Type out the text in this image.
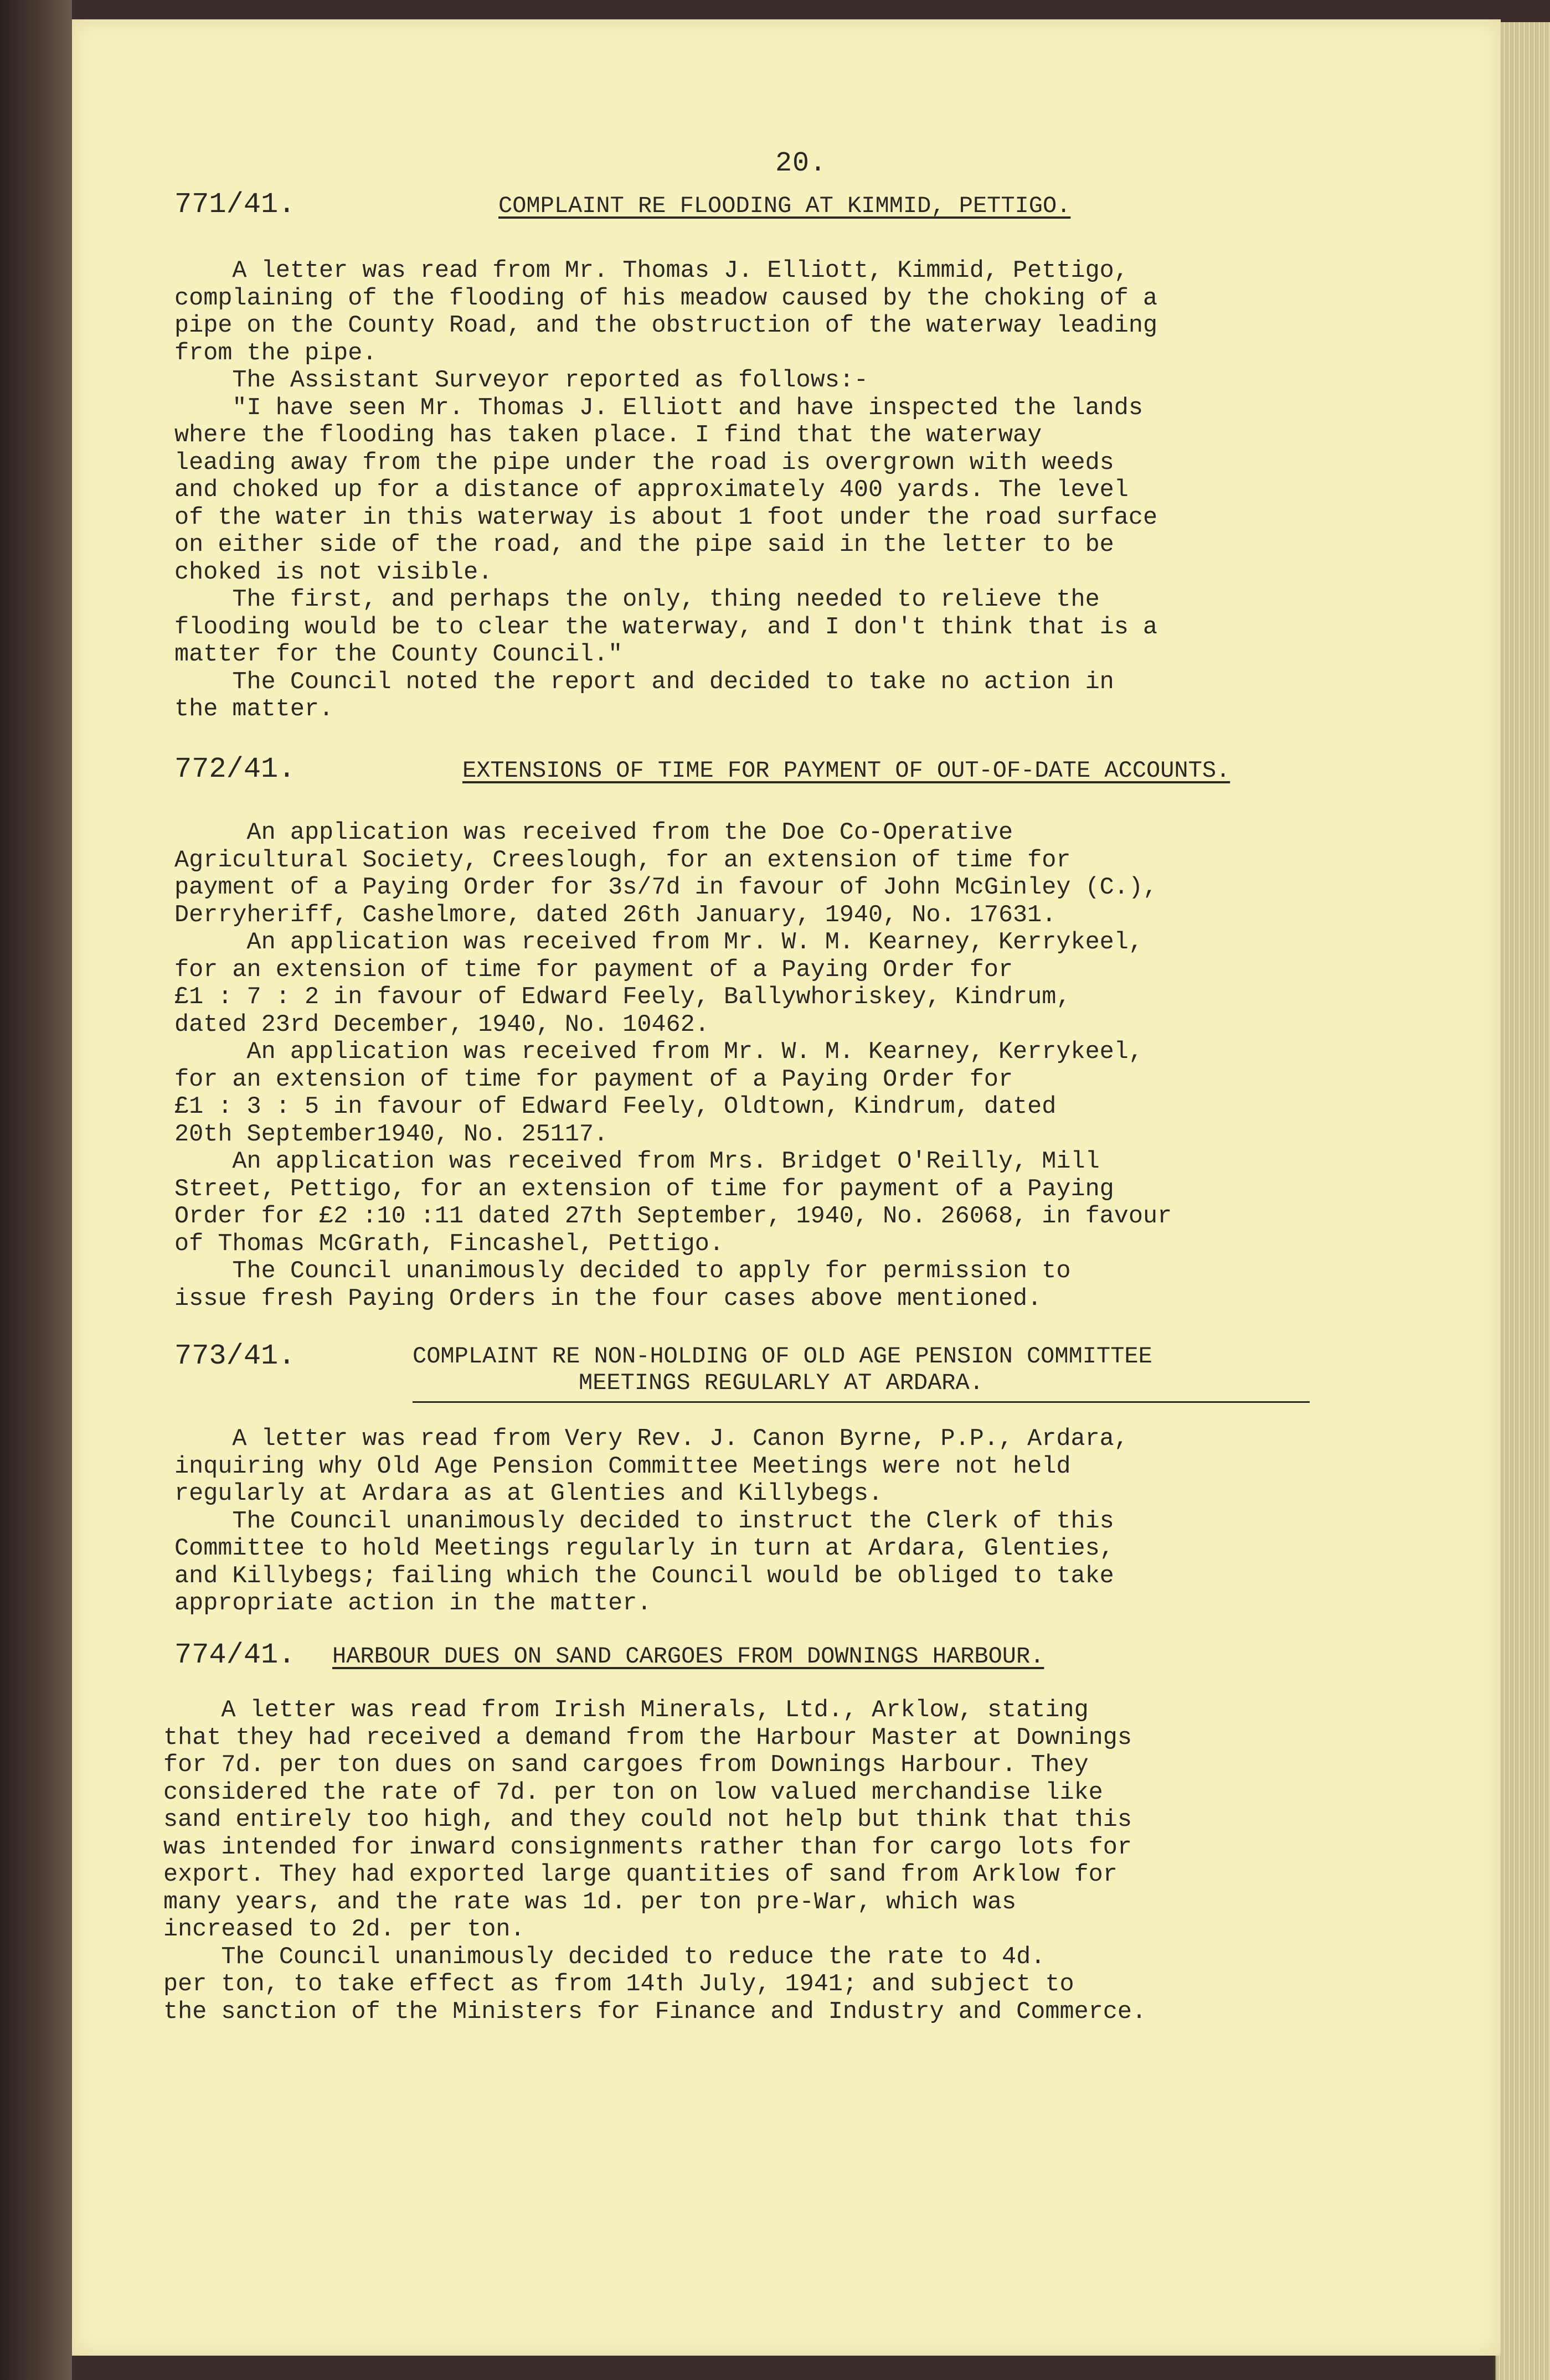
20.
771/41.	COMPLAINT RE FLOODING AT KIMMID, PETTIGO.

A letter was read from Mr. Thomas J. Elliott, Kimmid, Pettigo,

complaining of the flooding of his meadow caused by the choking of a

pipe on the County Road, and the obstruction of the waterway leading

from the pipe.

The Assistant Surveyor reported as follows:-

"I have seen Mr. Thomas J. Elliott and have inspected the lands

where the flooding has taken place. I find that the waterway

leading away from the pipe under the road is overgrown with weeds

and choked up for a distance of approximately 400 yards. The level

of the water in this waterway is about 1 foot under the road surface

on either side of the road, and the pipe said in the letter to be

choked is not visible.

The first, and perhaps the only, thing needed to relieve the

flooding would be to clear the waterway, and I don't think that is a

matter for the County Council."

The Council noted the report and decided to take no action in

the matter.

772/41.	EXTENSIONS OF TIME FOR PAYMENT OF OUT-OF-DATE ACCOUNTS.

An application was received from the Doe Co-Operative

Agricultural Society, Creeslough, for an extension of time for

payment of a Paying Order for 3s/7d in favour of John McGinley (C.),

Derryheriff, Cashelmore, dated 26th January, 1940, No. 17631.

An application was received from Mr. W. M. Kearney, Kerrykeel,

for an extension of time for payment of a Paying Order for

£1 : 7 : 2 in favour of Edward Feely, Ballywhoriskey, Kindrum,

dated 23rd December, 1940, No. 10462.

An application was received from Mr. W. M. Kearney, Kerrykeel,

for an extension of time for payment of a Paying Order for

£1 : 3 : 5 in favour of Edward Feely, Oldtown, Kindrum, dated

20th September1940, No. 25117.

An application was received from Mrs. Bridget O'Reilly, Mill

Street, Pettigo, for an extension of time for payment of a Paying

Order for £2 :10 :11 dated 27th September, 1940, No. 26068, in favour

of Thomas McGrath, Fincashel, Pettigo.

The Council unanimously decided to apply for permission to

issue fresh Paying Orders in the four cases above mentioned.

773/41.	COMPLAINT RE NON-HOLDING OF OLD AGE PENSION COMMITTEE
MEETINGS REGULARLY AT ARDARA.

A letter was read from Very Rev. J. Canon Byrne, P.P., Ardara,

inquiring why Old Age Pension Committee Meetings were not held

regularly at Ardara as at Glenties and Killybegs.

The Council unanimously decided to instruct the Clerk of this

Committee to hold Meetings regularly in turn at Ardara, Glenties,

and Killybegs; failing which the Council would be obliged to take

appropriate action in the matter.

774/41. HARBOUR DUES ON SAND CARGOES FROM DOWNINGS HARBOUR.

A letter was read from Irish Minerals, Ltd., Arklow, stating

that they had received a demand from the Harbour Master at Downings

for 7d. per ton dues on sand cargoes from Downings Harbour. They

considered the rate of 7d. per ton on low valued merchandise like

sand entirely too high, and they could not help but think that this

was intended for inward consignments rather than for cargo lots for

export. They had exported large quantities of sand from Arklow for

many years, and the rate was 1d. per ton pre-War, which was

increased to 2d. per ton.

The Council unanimously decided to reduce the rate to 4d.

per ton, to take effect as from 14th July, 1941; and subject to

the sanction of the Ministers for Finance and Industry and Commerce.
